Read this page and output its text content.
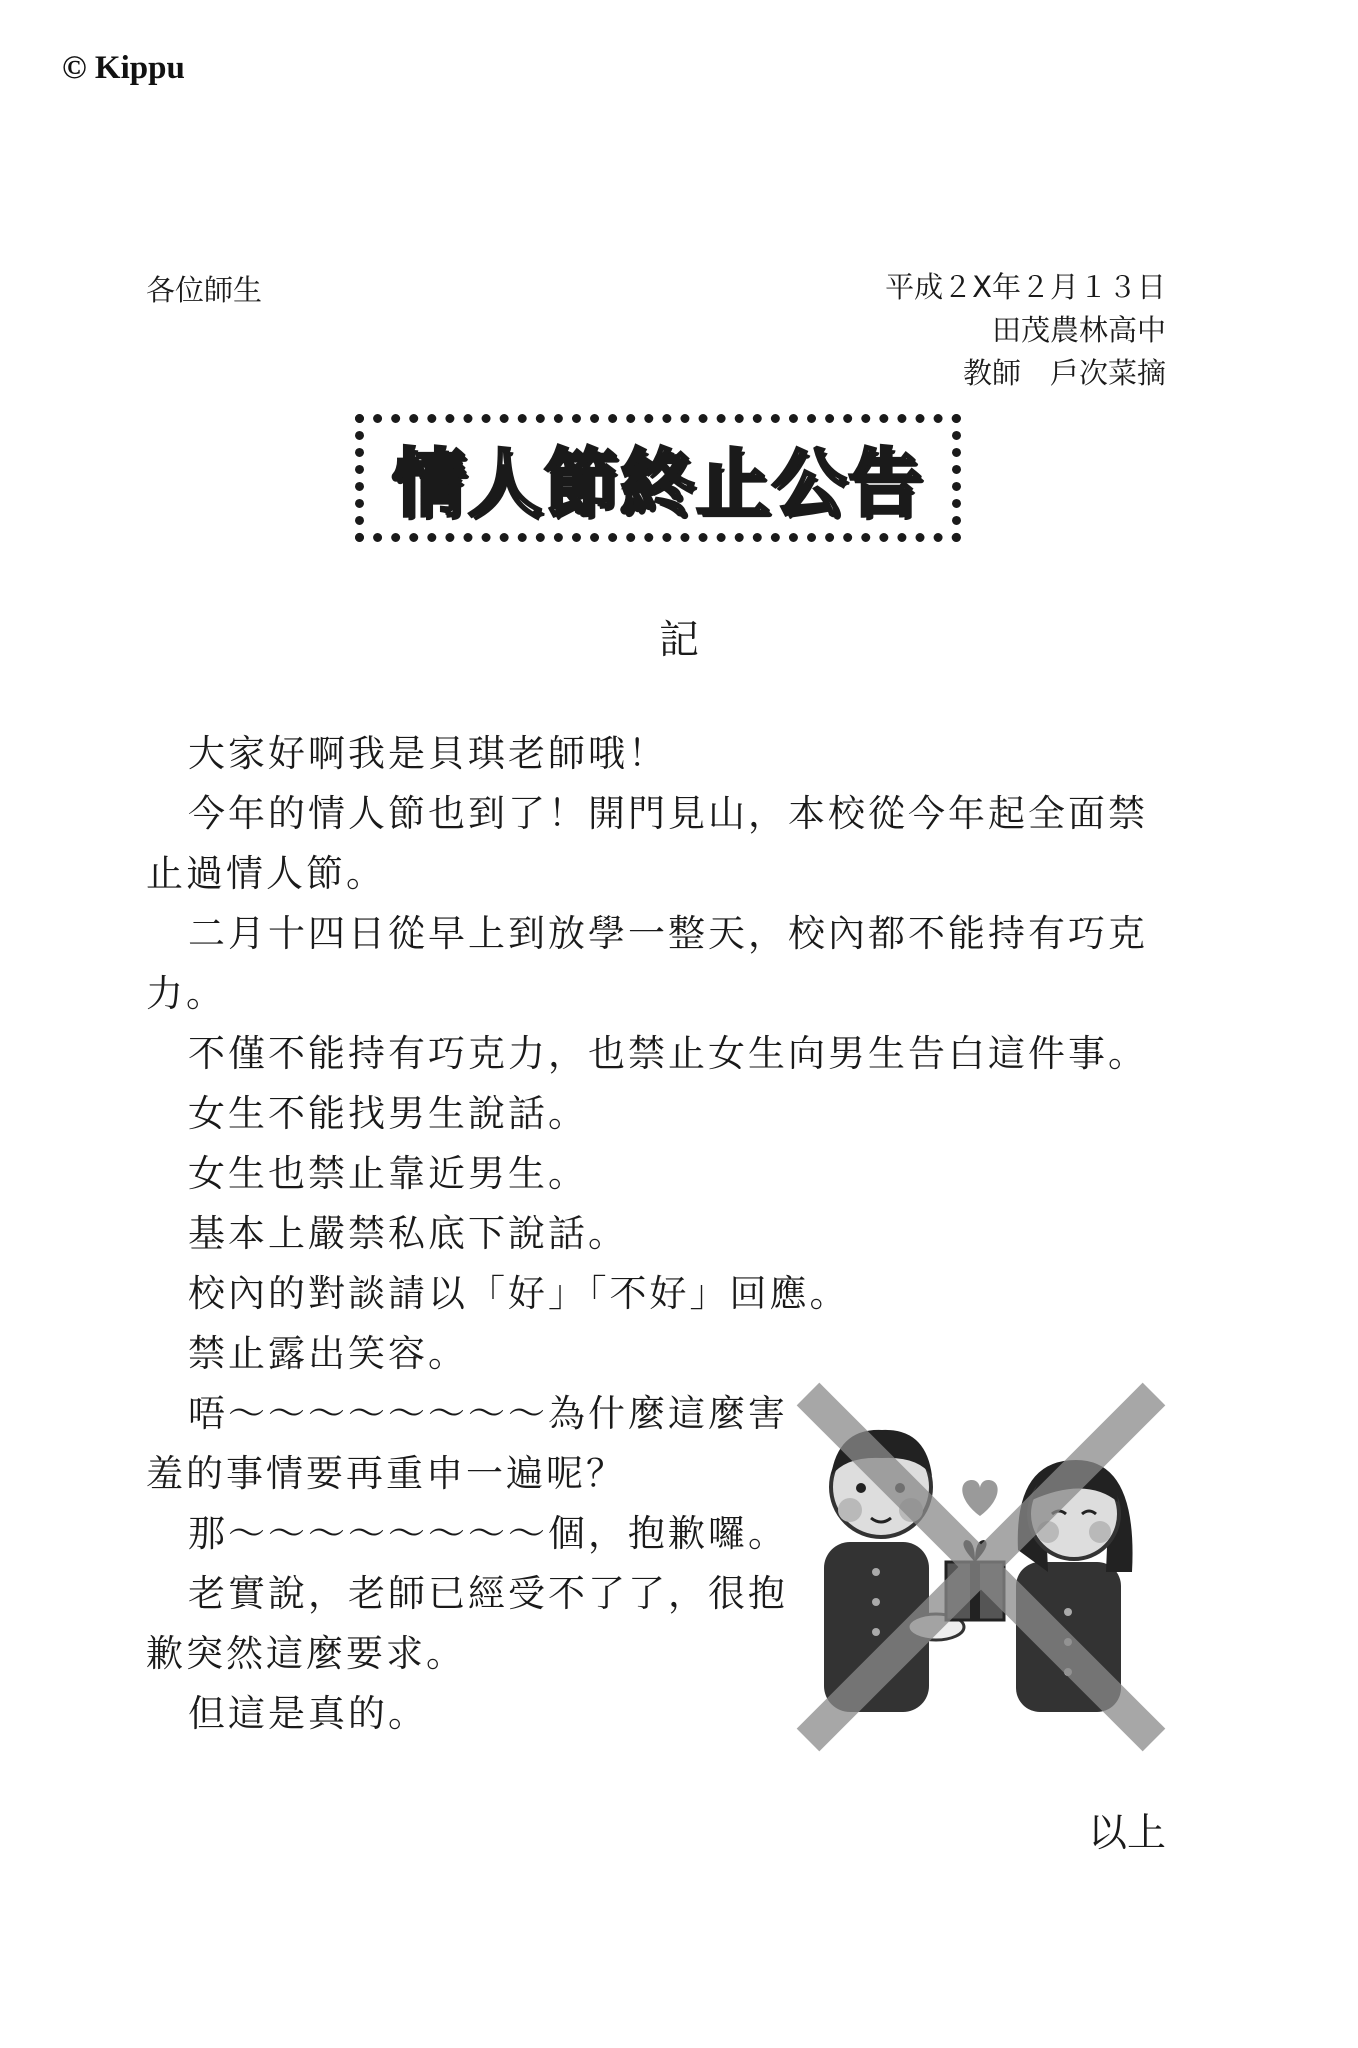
© Kippu
各位師生	平成２X年２月１３日
田茂農林高中
教師　戶次菜摘
情人節終止公告
記

大家好啊我是貝琪老師哦！

今年的情人節也到了！開門見山，本校從今年起全面禁止過情人節。

二月十四日從早上到放學一整天，校內都不能持有巧克力。

不僅不能持有巧克力，也禁止女生向男生告白這件事。

女生不能找男生說話。

女生也禁止靠近男生。

基本上嚴禁私底下說話。

校內的對談請以「好」「不好」回應。

禁止露出笑容。

唔〜〜〜〜〜〜〜〜為什麼這麼害羞的事情要再重申一遍呢？

那〜〜〜〜〜〜〜〜個，抱歉囉。

老實說，老師已經受不了了，很抱歉突然這麼要求。

但這是真的。

以上
